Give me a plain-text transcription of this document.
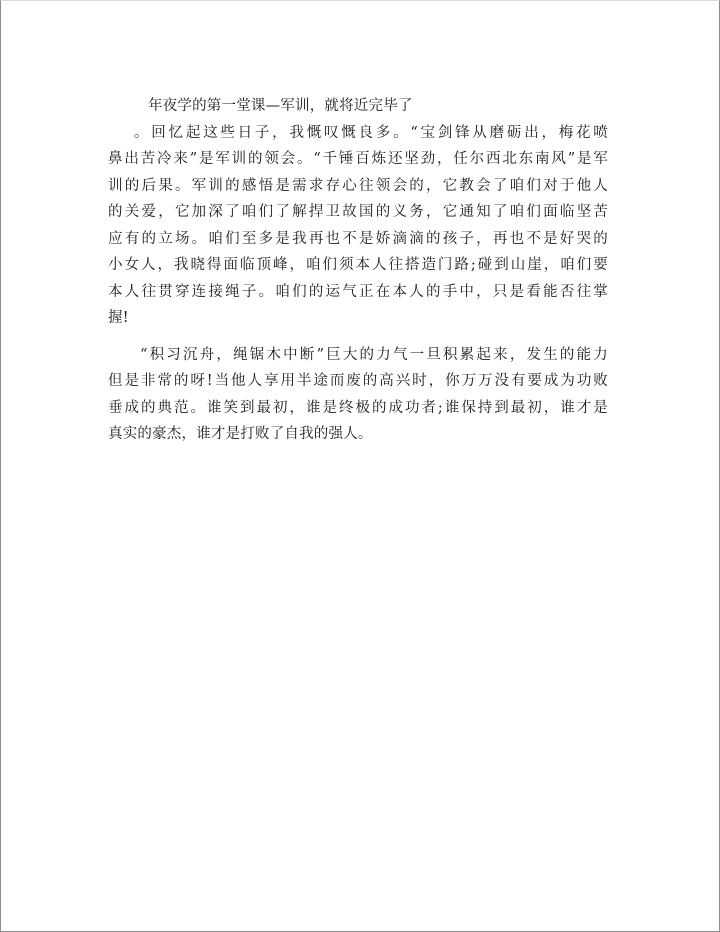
年夜学的第一堂课—军训，就将近完毕了
。回忆起这些日子，我慨叹慨良多。“宝剑锋从磨砺出，梅花喷
鼻出苦冷来”是军训的领会。“千锤百炼还坚劲，任尔西北东南风”是军
训的后果。军训的感悟是需求存心往领会的，它教会了咱们对于他人
的关爱，它加深了咱们了解捍卫故国的义务，它通知了咱们面临坚苦
应有的立场。咱们至多是我再也不是娇滴滴的孩子，再也不是好哭的
小女人，我晓得面临顶峰，咱们须本人往搭造门路;碰到山崖，咱们要
本人往贯穿连接绳子。咱们的运气正在本人的手中，只是看能否往掌
握!
“积习沉舟，绳锯木中断”巨大的力气一旦积累起来，发生的能力
但是非常的呀!当他人享用半途而废的高兴时，你万万没有要成为功败
垂成的典范。谁笑到最初，谁是终极的成功者;谁保持到最初，谁才是
真实的豪杰，谁才是打败了自我的强人。
